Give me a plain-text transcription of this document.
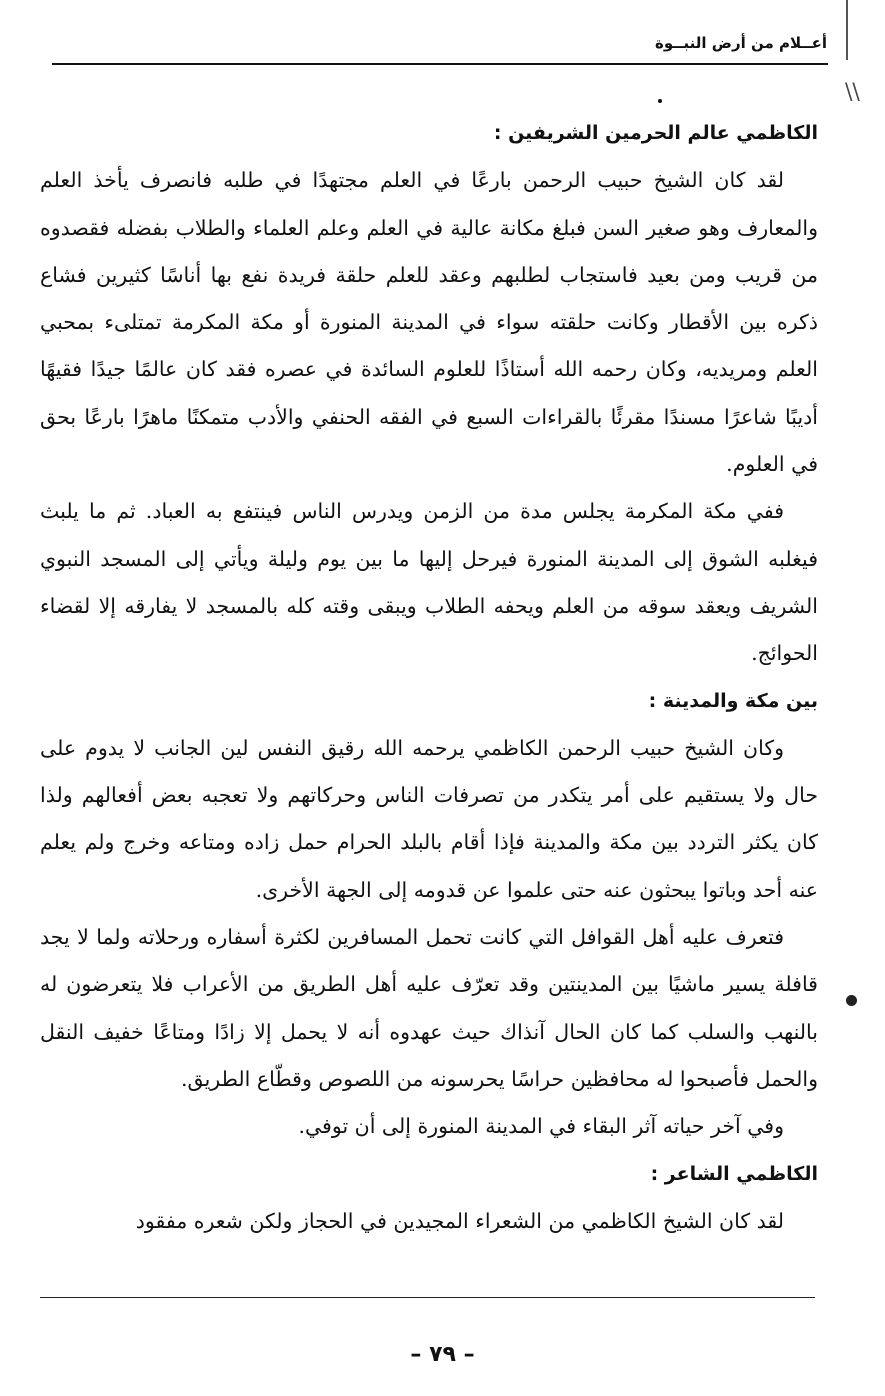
\\
أعــلام من أرض النبــوة
الكاظمي عالم الحرمين الشريفين :

لقد كان الشيخ حبيب الرحمن بارعًا في العلم مجتهدًا في طلبه فانصرف يأخذ العلم والمعارف وهو صغير السن فبلغ مكانة عالية في العلم وعلم العلماء والطلاب بفضله فقصدوه من قريب ومن بعيد فاستجاب لطلبهم وعقد للعلم حلقة فريدة نفع بها أناسًا كثيرين فشاع ذكره بين الأقطار وكانت حلقته سواء في المدينة المنورة أو مكة المكرمة تمتلىء بمحبي العلم ومريديه، وكان رحمه الله أستاذًا للعلوم السائدة في عصره فقد كان عالمًا جيدًا فقيهًا أديبًا شاعرًا مسندًا مقرئًا بالقراءات السبع في الفقه الحنفي والأدب متمكنًا ماهرًا بارعًا بحق في العلوم.

ففي مكة المكرمة يجلس مدة من الزمن ويدرس الناس فينتفع به العباد. ثم ما يلبث فيغلبه الشوق إلى المدينة المنورة فيرحل إليها ما بين يوم وليلة ويأتي إلى المسجد النبوي الشريف ويعقد سوقه من العلم ويحفه الطلاب ويبقى وقته كله بالمسجد لا يفارقه إلا لقضاء الحوائج.

بين مكة والمدينة :

وكان الشيخ حبيب الرحمن الكاظمي يرحمه الله رقيق النفس لين الجانب لا يدوم على حال ولا يستقيم على أمر يتكدر من تصرفات الناس وحركاتهم ولا تعجبه بعض أفعالهم ولذا كان يكثر التردد بين مكة والمدينة فإذا أقام بالبلد الحرام حمل زاده ومتاعه وخرج ولم يعلم عنه أحد وباتوا يبحثون عنه حتى علموا عن قدومه إلى الجهة الأخرى.

فتعرف عليه أهل القوافل التي كانت تحمل المسافرين لكثرة أسفاره ورحلاته ولما لا يجد قافلة يسير ماشيًا بين المدينتين وقد تعرّف عليه أهل الطريق من الأعراب فلا يتعرضون له بالنهب والسلب كما كان الحال آنذاك حيث عهدوه أنه لا يحمل إلا زادًا ومتاعًا خفيف النقل والحمل فأصبحوا له محافظين حراسًا يحرسونه من اللصوص وقطّاع الطريق.

وفي آخر حياته آثر البقاء في المدينة المنورة إلى أن توفي.

الكاظمي الشاعر :

لقد كان الشيخ الكاظمي من الشعراء المجيدين في الحجاز ولكن شعره مفقود

– ٧٩ –
